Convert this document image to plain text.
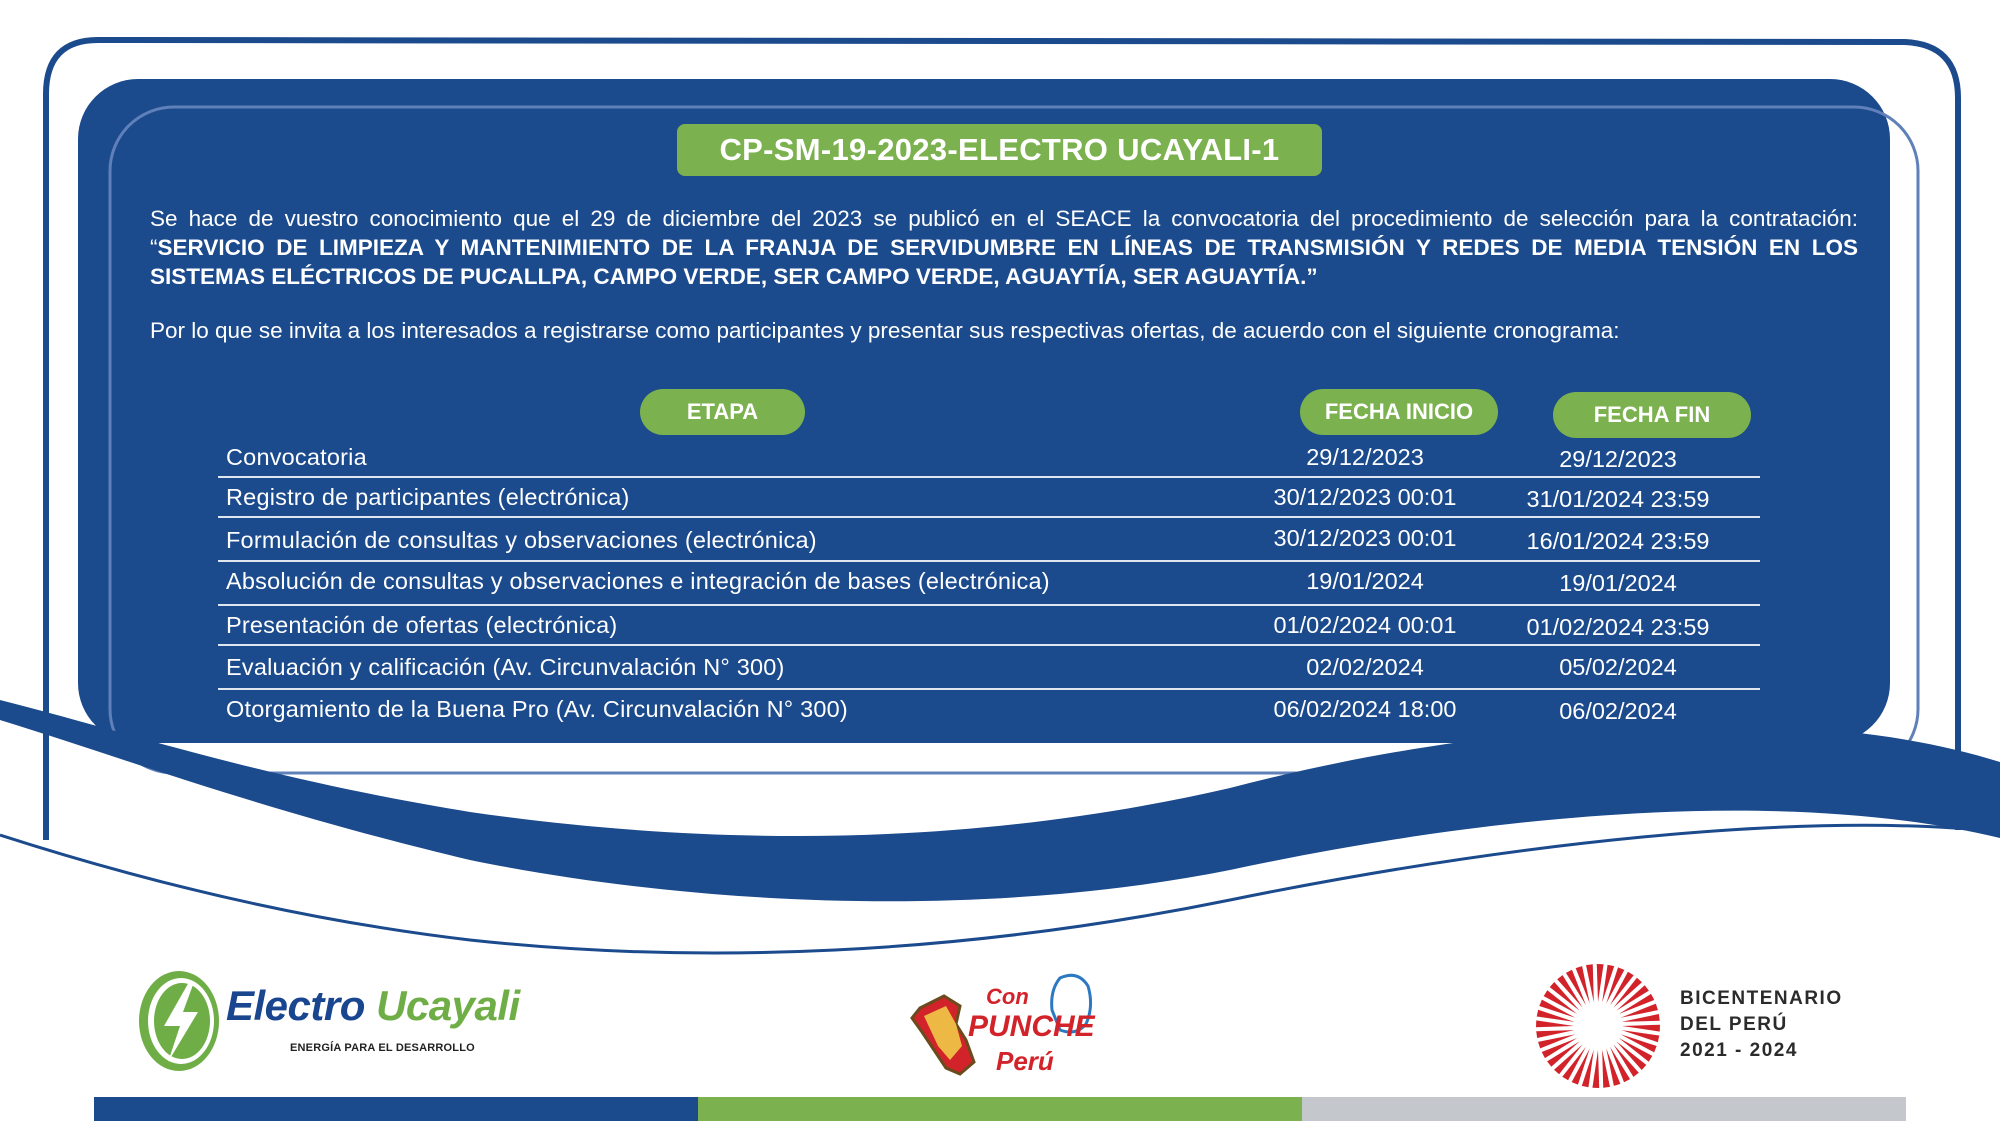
CP-SM-19-2023-ELECTRO UCAYALI-1
Se hace de vuestro conocimiento que el 29 de diciembre del 2023 se publicó en el SEACE la convocatoria del procedimiento de selección para la contratación: “SERVICIO DE LIMPIEZA Y MANTENIMIENTO DE LA FRANJA DE SERVIDUMBRE EN LÍNEAS DE TRANSMISIÓN Y REDES DE MEDIA TENSIÓN EN LOS SISTEMAS ELÉCTRICOS DE PUCALLPA, CAMPO VERDE, SER CAMPO VERDE, AGUAYTÍA, SER AGUAYTÍA.”
Por lo que se invita a los interesados a registrarse como participantes y presentar sus respectivas ofertas, de acuerdo con el siguiente cronograma:
ETAPA	FECHA INICIO	FECHA FIN
Convocatoria	29/12/2023	29/12/2023
Registro de participantes (electrónica)	30/12/2023 00:01	31/01/2024 23:59
Formulación de consultas y observaciones (electrónica)	30/12/2023 00:01	16/01/2024 23:59
Absolución de consultas y observaciones e integración de bases (electrónica)	19/01/2024	19/01/2024
Presentación de ofertas (electrónica)	01/02/2024 00:01	01/02/2024 23:59
Evaluación y calificación (Av. Circunvalación N° 300)	02/02/2024	05/02/2024
Otorgamiento de la Buena Pro (Av. Circunvalación N° 300)	06/02/2024 18:00	06/02/2024
Electro Ucayali
ENERGÍA PARA EL DESARROLLO
Con
PUNCHE
Perú
BICENTENARIO
DEL PERÚ
2021 - 2024
